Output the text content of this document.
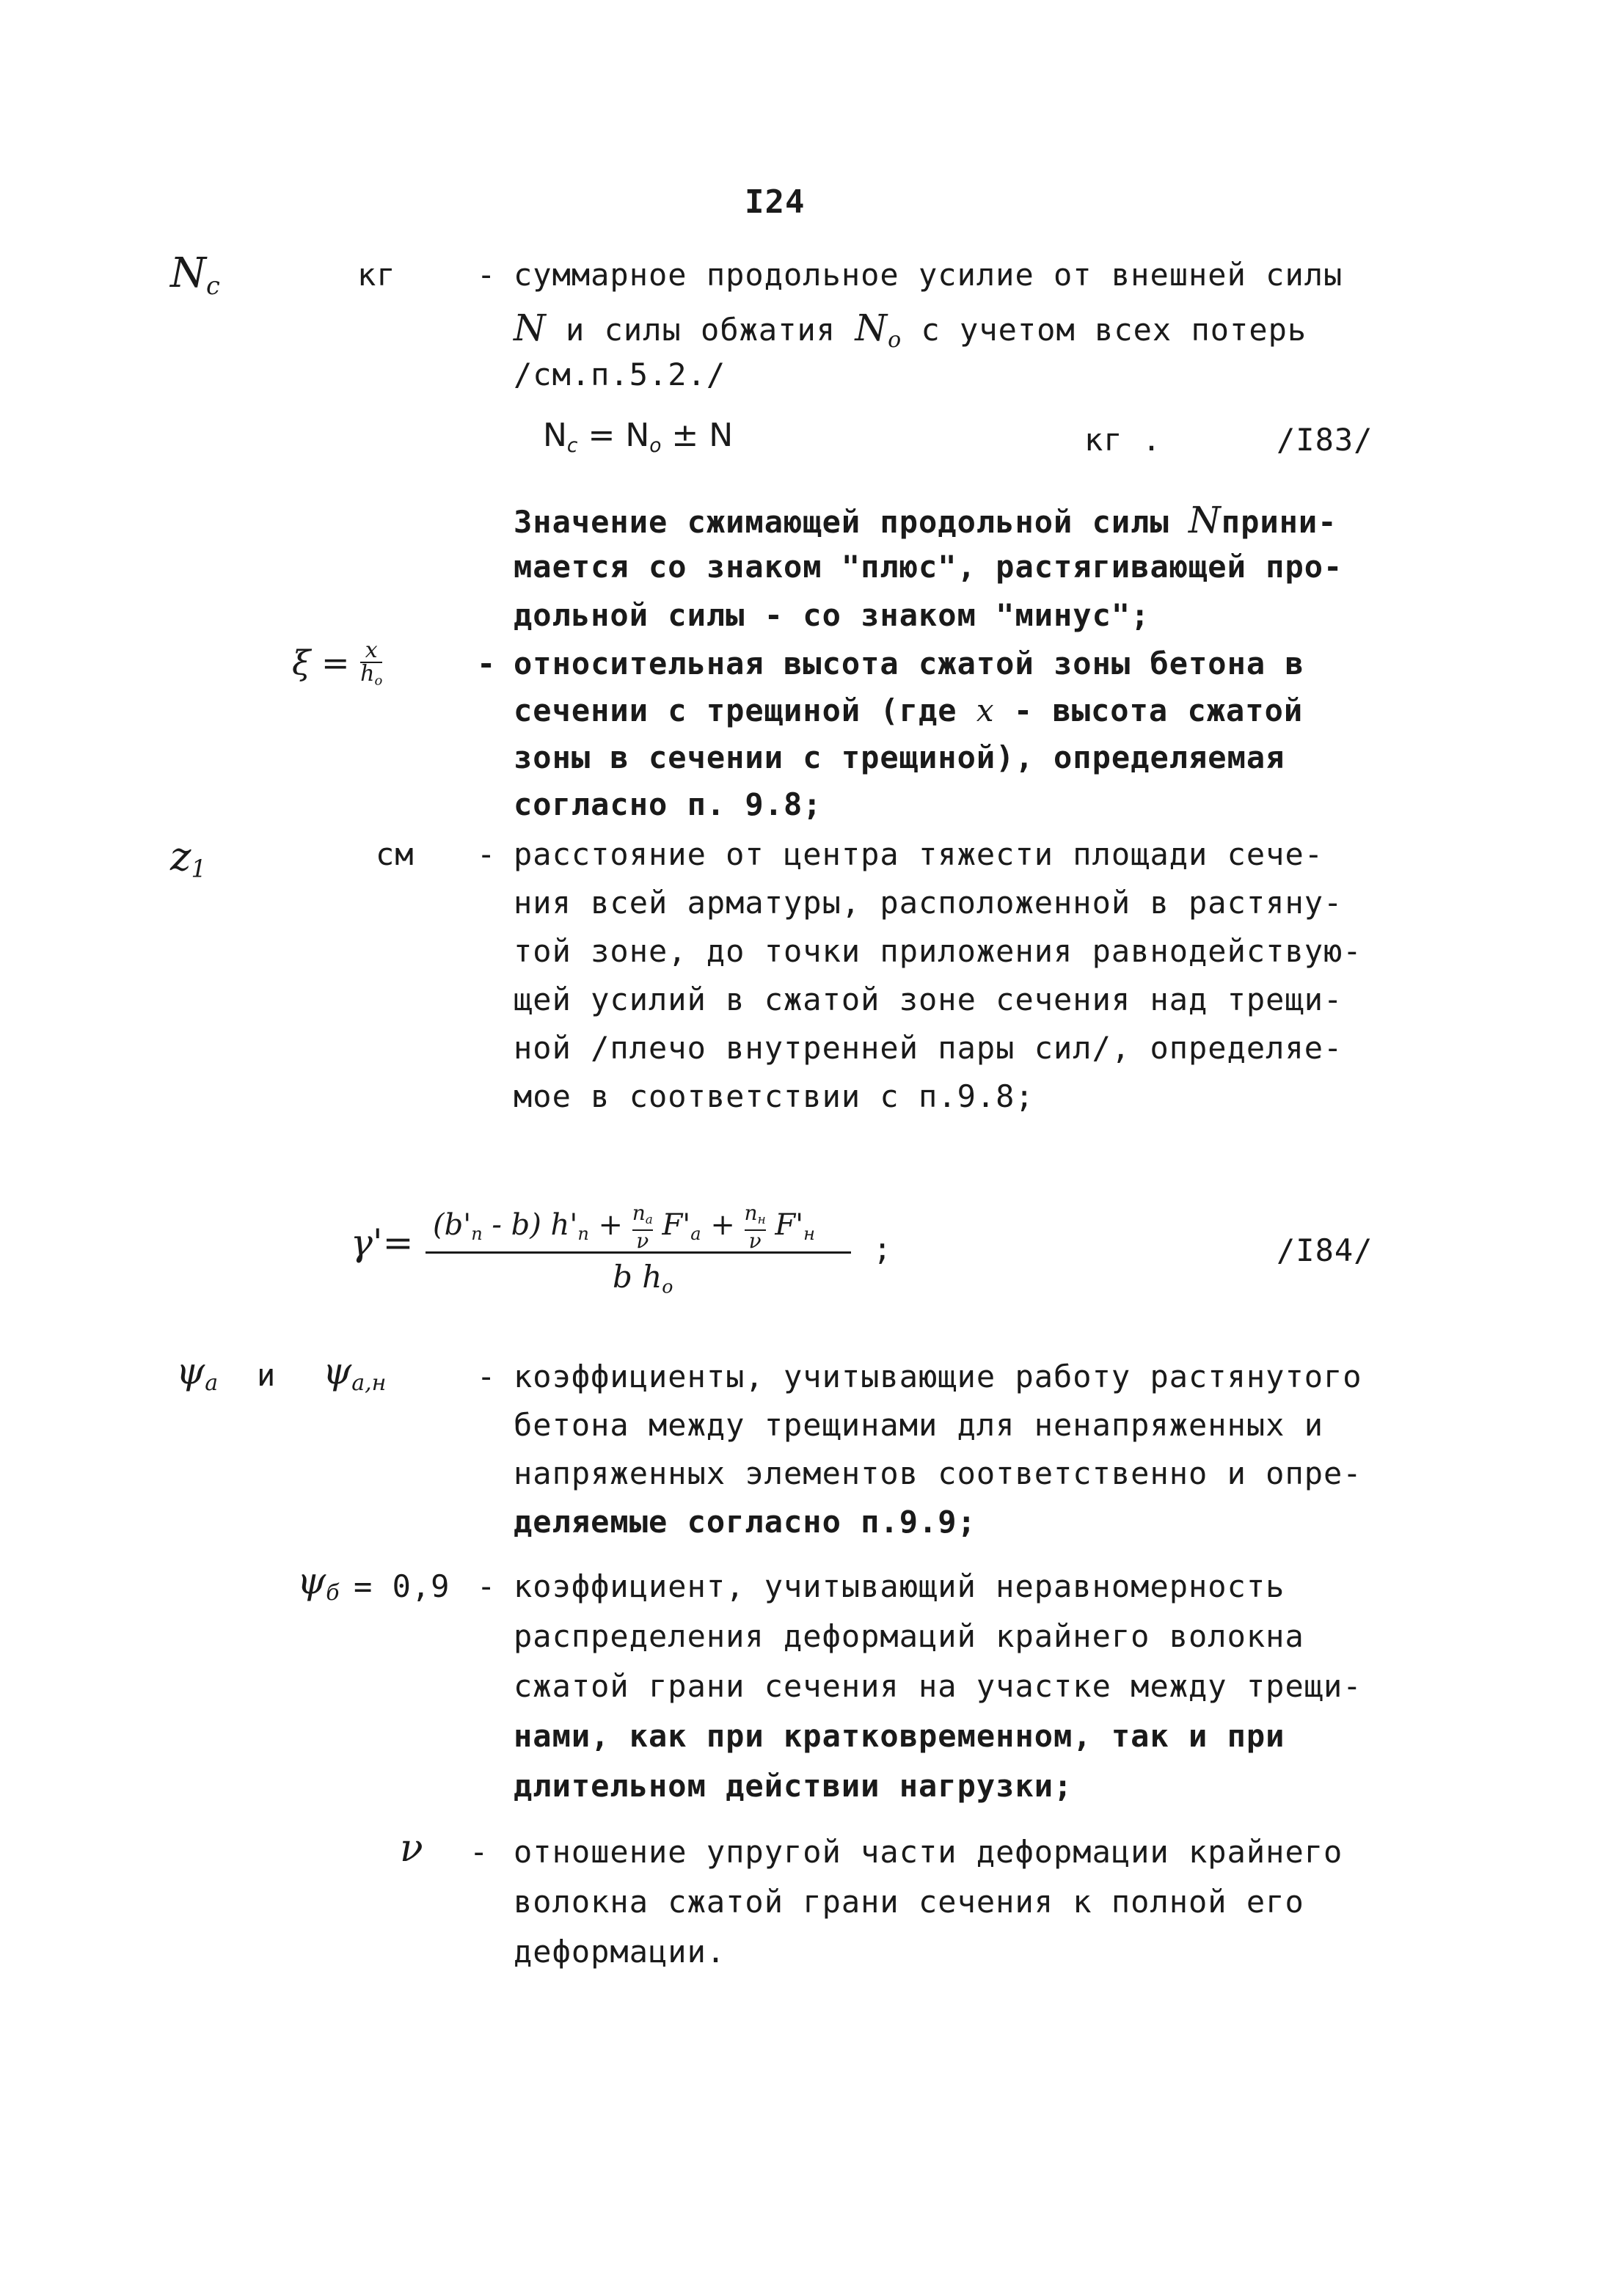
I24
$N_c$	кг	- суммарное продольное усилие от внешней силы
N и силы обжатия $N_o$ с учетом всех потерь
/см.п.5.2./
$N_c = N_o \pm N$	кг .	/I83/
Значение сжимающей продольной силы Nприни-
мается со знаком "плюс", растягивающей про-
дольной силы - со знаком "минус";
$\xi = \frac{x}{h_o}$	- относительная высота сжатой зоны бетона в
сечении с трещиной (где x - высота сжатой
зоны в сечении с трещиной), определяемая
согласно п. 9.8;
$z_1$	см - расстояние от центра тяжести площади сече-
ния всей арматуры, расположенной в растяну-
той зоне, до точки приложения равнодействую-
щей усилий в сжатой зоне сечения над трещи-
ной /плечо внутренней пары сил/, определяе-
мое в соответствии с п.9.8;
$\gamma'= (b'_п - b) h'_п + \frac{n_a}{\nu} F'_a + n_н$
ν $F'_н$
b $h_o$
;	/I84/
$\psi_a$ и $\psi_{a,н}$	- коэффициенты, учитывающие работу растянутого
бетона между трещинами для ненапряженных и
напряженных элементов соответственно и опре-
деляемые согласно п.9.9;
$\psi_б = 0,9$ - коэффициент, учитывающий неравномерность
распределения деформаций крайнего волокна
сжатой грани сечения на участке между трещи-
нами, как при кратковременном, так и при
длительном действии нагрузки;
ν - отношение упругой части деформации крайнего
волокна сжатой грани сечения к полной его
деформации.
